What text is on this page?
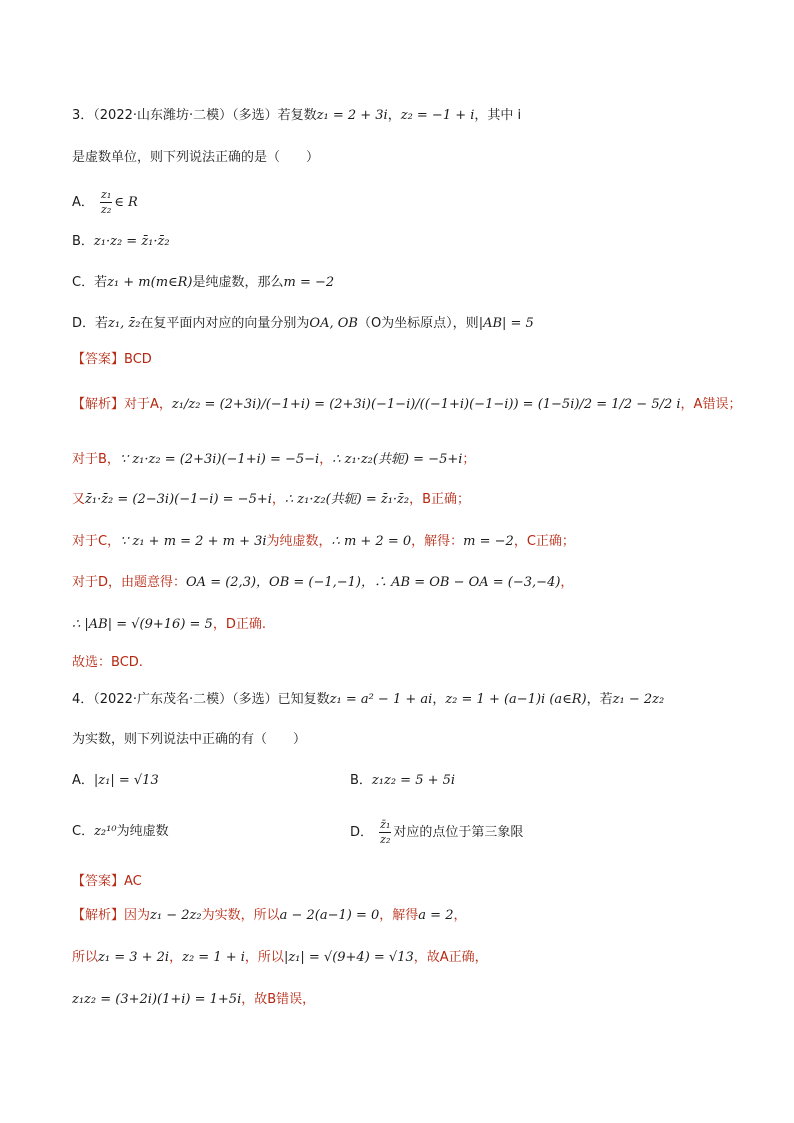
3．（2022·山东潍坊·二模）（多选）若复数z₁ = 2 + 3i，z₂ = −1 + i，其中 i
是虚数单位，则下列说法正确的是（　　）
A． $\frac{\text{z₁}}{\text{z₂}}$ ∈ R
B．z₁·z₂ = z̄₁·z̄₂
C．若z₁ + m(m∈R)是纯虚数，那么m = −2
D．若z₁, z̄₂在复平面内对应的向量分别为OA, OB（O为坐标原点），则|AB| = 5
【答案】BCD
【解析】对于A，z₁/z₂ = (2+3i)/(−1+i) = (2+3i)(−1−i)/((−1+i)(−1−i)) = (1−5i)/2 = 1/2 − 5/2 i，A错误；
对于B，∵ z₁·z₂ = (2+3i)(−1+i) = −5−i，∴ z₁·z₂(共轭) = −5+i；
又z̄₁·z̄₂ = (2−3i)(−1−i) = −5+i，∴ z₁·z₂(共轭) = z̄₁·z̄₂，B正确；
对于C，∵ z₁ + m = 2 + m + 3i为纯虚数，∴ m + 2 = 0，解得：m = −2，C正确；
对于D，由题意得：OA = (2,3)，OB = (−1,−1)，∴ AB = OB − OA = (−3,−4)，
∴ |AB| = √(9+16) = 5，D正确.
故选：BCD.
4．（2022·广东茂名·二模）（多选）已知复数z₁ = a² − 1 + ai，z₂ = 1 + (a−1)i (a∈R)，若z₁ − 2z₂
为实数，则下列说法中正确的有（　　）
A．|z₁| = √13	B．z₁z₂ = 5 + 5i
C．z₂¹⁰为纯虚数	D． $\frac{\text{z̄₁}}{\text{z₂}}$ 对应的点位于第三象限
【答案】AC
【解析】因为z₁ − 2z₂为实数，所以a − 2(a−1) = 0，解得a = 2，
所以z₁ = 3 + 2i，z₂ = 1 + i，所以|z₁| = √(9+4) = √13，故A正确，
z₁z₂ = (3+2i)(1+i) = 1+5i，故B错误，
